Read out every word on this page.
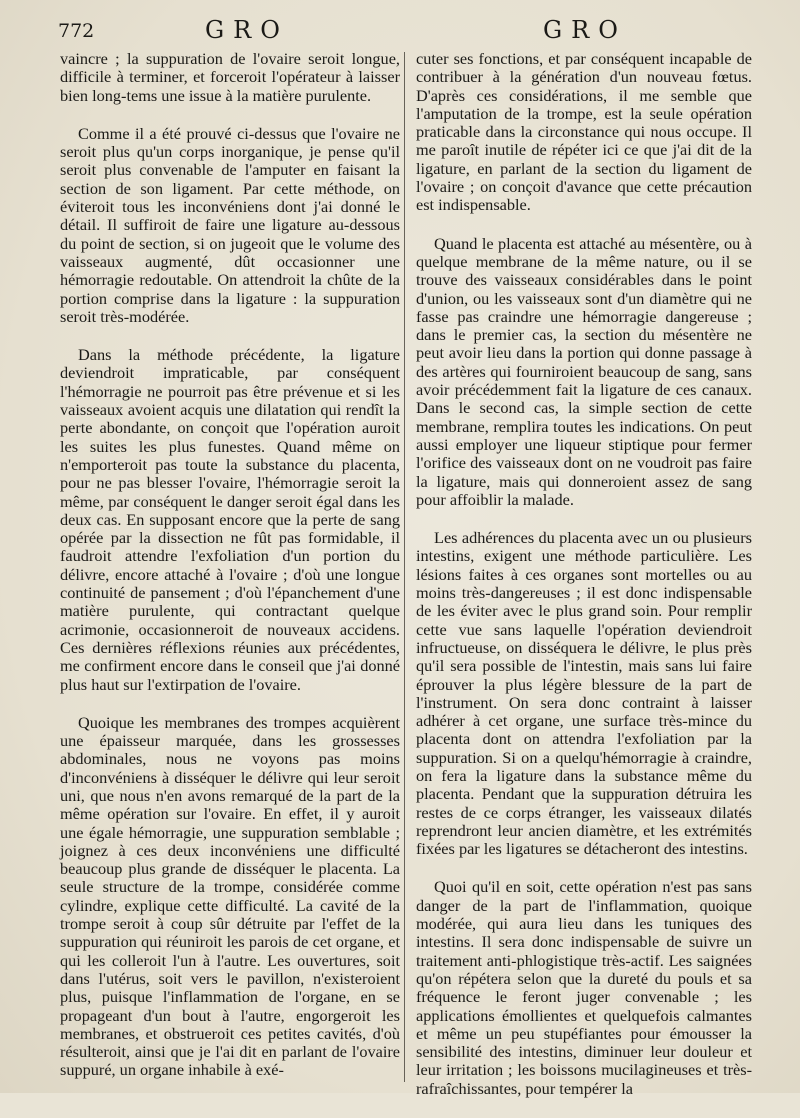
772	GRO	GRO

vaincre ; la suppuration de l'ovaire seroit longue, difficile à terminer, et forceroit l'opérateur à laisser bien long-tems une issue à la matière purulente.

Comme il a été prouvé ci-dessus que l'ovaire ne seroit plus qu'un corps inorganique, je pense qu'il seroit plus convenable de l'amputer en faisant la section de son ligament. Par cette méthode, on éviteroit tous les inconvéniens dont j'ai donné le détail. Il suffiroit de faire une ligature au-dessous du point de section, si on jugeoit que le volume des vaisseaux augmenté, dût occasionner une hémorragie redoutable. On attendroit la chûte de la portion comprise dans la ligature : la suppuration seroit très-modérée.

Dans la méthode précédente, la ligature deviendroit impraticable, par conséquent l'hémorragie ne pourroit pas être prévenue et si les vaisseaux avoient acquis une dilatation qui rendît la perte abondante, on conçoit que l'opération auroit les suites les plus funestes. Quand même on n'emporteroit pas toute la substance du placenta, pour ne pas blesser l'ovaire, l'hémorragie seroit la même, par conséquent le danger seroit égal dans les deux cas. En supposant encore que la perte de sang opérée par la dissection ne fût pas formidable, il faudroit attendre l'exfoliation d'un portion du délivre, encore attaché à l'ovaire ; d'où une longue continuité de pansement ; d'où l'épanchement d'une matière purulente, qui contractant quelque acrimonie, occasionneroit de nouveaux accidens. Ces dernières réflexions réunies aux précédentes, me confirment encore dans le conseil que j'ai donné plus haut sur l'extirpation de l'ovaire.

Quoique les membranes des trompes acquièrent une épaisseur marquée, dans les grossesses abdominales, nous ne voyons pas moins d'inconvéniens à disséquer le délivre qui leur seroit uni, que nous n'en avons remarqué de la part de la même opération sur l'ovaire. En effet, il y auroit une égale hémorragie, une suppuration semblable ; joignez à ces deux inconvéniens une difficulté beaucoup plus grande de disséquer le placenta. La seule structure de la trompe, considérée comme cylindre, explique cette difficulté. La cavité de la trompe seroit à coup sûr détruite par l'effet de la suppuration qui réuniroit les parois de cet organe, et qui les colleroit l'un à l'autre. Les ouvertures, soit dans l'utérus, soit vers le pavillon, n'existeroient plus, puisque l'inflammation de l'organe, en se propageant d'un bout à l'autre, engorgeroit les membranes, et obstrueroit ces petites cavités, d'où résulteroit, ainsi que je l'ai dit en parlant de l'ovaire suppuré, un organe inhabile à exé-

cuter ses fonctions, et par conséquent incapable de contribuer à la génération d'un nouveau fœtus. D'après ces considérations, il me semble que l'amputation de la trompe, est la seule opération praticable dans la circonstance qui nous occupe. Il me paroît inutile de répéter ici ce que j'ai dit de la ligature, en parlant de la section du ligament de l'ovaire ; on conçoit d'avance que cette précaution est indispensable.

Quand le placenta est attaché au mésentère, ou à quelque membrane de la même nature, ou il se trouve des vaisseaux considérables dans le point d'union, ou les vaisseaux sont d'un diamètre qui ne fasse pas craindre une hémorragie dangereuse ; dans le premier cas, la section du mésentère ne peut avoir lieu dans la portion qui donne passage à des artères qui fourniroient beaucoup de sang, sans avoir précédemment fait la ligature de ces canaux. Dans le second cas, la simple section de cette membrane, remplira toutes les indications. On peut aussi employer une liqueur stiptique pour fermer l'orifice des vaisseaux dont on ne voudroit pas faire la ligature, mais qui donneroient assez de sang pour affoiblir la malade.

Les adhérences du placenta avec un ou plusieurs intestins, exigent une méthode particulière. Les lésions faites à ces organes sont mortelles ou au moins très-dangereuses ; il est donc indispensable de les éviter avec le plus grand soin. Pour remplir cette vue sans laquelle l'opération deviendroit infructueuse, on disséquera le délivre, le plus près qu'il sera possible de l'intestin, mais sans lui faire éprouver la plus légère blessure de la part de l'instrument. On sera donc contraint à laisser adhérer à cet organe, une surface très-mince du placenta dont on attendra l'exfoliation par la suppuration. Si on a quelqu'hémorragie à craindre, on fera la ligature dans la substance même du placenta. Pendant que la suppuration détruira les restes de ce corps étranger, les vaisseaux dilatés reprendront leur ancien diamètre, et les extrémités fixées par les ligatures se détacheront des intestins.

Quoi qu'il en soit, cette opération n'est pas sans danger de la part de l'inflammation, quoique modérée, qui aura lieu dans les tuniques des intestins. Il sera donc indispensable de suivre un traitement anti-phlogistique très-actif. Les saignées qu'on répétera selon que la dureté du pouls et sa fréquence le feront juger convenable ; les applications émollientes et quelquefois calmantes et même un peu stupéfiantes pour émousser la sensibilité des intestins, diminuer leur douleur et leur irritation ; les boissons mucilagineuses et très-rafraîchissantes, pour tempérer la
